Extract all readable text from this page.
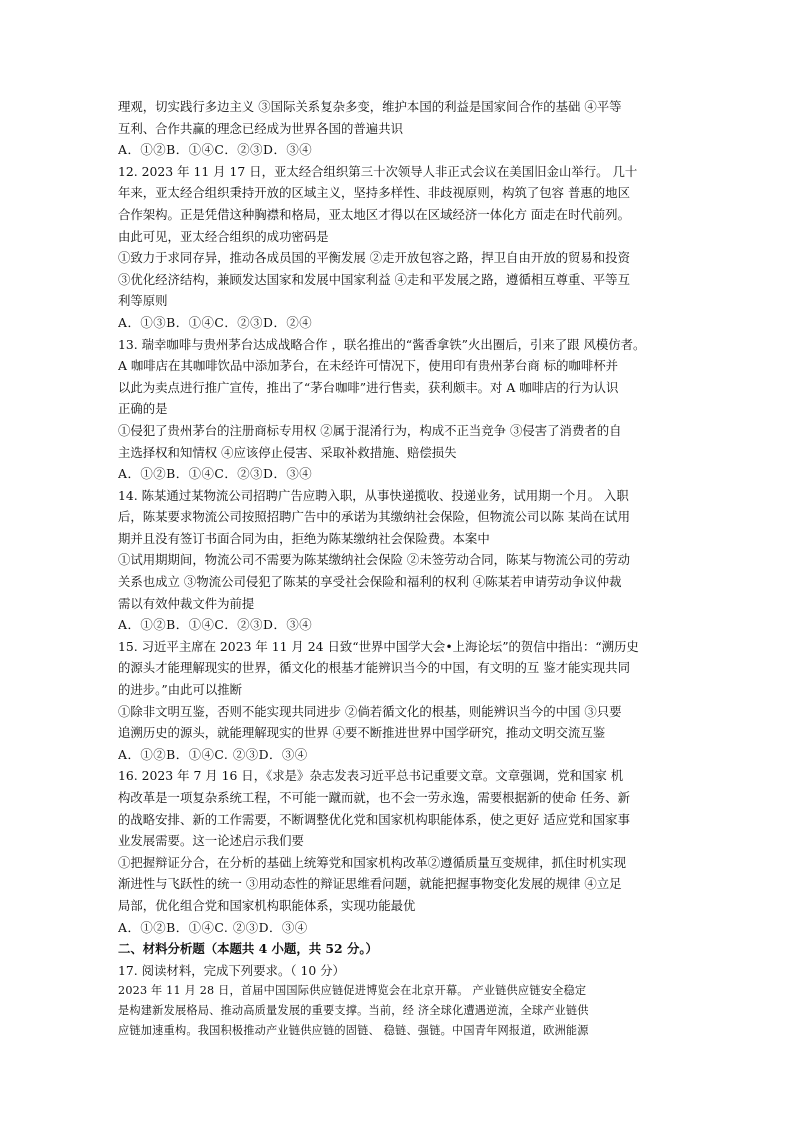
理观，切实践行多边主义 ③国际关系复杂多变，维护本国的利益是国家间合作的基础 ④平等
互利、合作共赢的理念已经成为世界各国的普遍共识
A．①②B．①④C．②③D．③④
12. 2023 年 11 月 17 日，亚太经合组织第三十次领导人非正式会议在美国旧金山举行。 几十
年来，亚太经合组织秉持开放的区域主义，坚持多样性、非歧视原则，构筑了包容 普惠的地区
合作架构。正是凭借这种胸襟和格局，亚太地区才得以在区域经济一体化方 面走在时代前列。
由此可见，亚太经合组织的成功密码是
①致力于求同存异，推动各成员国的平衡发展 ②走开放包容之路，捍卫自由开放的贸易和投资
③优化经济结构，兼顾发达国家和发展中国家利益 ④走和平发展之路，遵循相互尊重、平等互
利等原则
A．①③B．①④C．②③D．②④
13. 瑞幸咖啡与贵州茅台达成战略合作 ，联名推出的“酱香拿铁”火出圈后，引来了跟 风模仿者。
A 咖啡店在其咖啡饮品中添加茅台，在未经许可情况下，使用印有贵州茅台商 标的咖啡杯并
以此为卖点进行推广宣传，推出了“茅台咖啡”进行售卖，获利颇丰。对 A 咖啡店的行为认识
正确的是
①侵犯了贵州茅台的注册商标专用权 ②属于混淆行为，构成不正当竞争 ③侵害了消费者的自
主选择权和知情权 ④应该停止侵害、采取补救措施、赔偿损失
A．①②B．①④C．②③D．③④
14. 陈某通过某物流公司招聘广告应聘入职，从事快递揽收、投递业务，试用期一个月。 入职
后，陈某要求物流公司按照招聘广告中的承诺为其缴纳社会保险，但物流公司以陈 某尚在试用
期并且没有签订书面合同为由，拒绝为陈某缴纳社会保险费。本案中
①试用期期间，物流公司不需要为陈某缴纳社会保险 ②未签劳动合同，陈某与物流公司的劳动
关系也成立 ③物流公司侵犯了陈某的享受社会保险和福利的权利 ④陈某若申请劳动争议仲裁
需以有效仲裁文件为前提
A．①②B．①④C．②③D．③④
15. 习近平主席在 2023 年 11 月 24 日致“世界中国学大会•上海论坛”的贺信中指出：“溯历史
的源头才能理解现实的世界，循文化的根基才能辨识当今的中国，有文明的互 鉴才能实现共同
的进步。”由此可以推断
①除非文明互鉴，否则不能实现共同进步 ②倘若循文化的根基，则能辨识当今的中国 ③只要
追溯历史的源头，就能理解现实的世界 ④要不断推进世界中国学研究，推动文明交流互鉴
A．①②B．①④C. ②③D．③④
16. 2023 年 7 月 16 日，《求是》杂志发表习近平总书记重要文章。文章强调，党和国家 机
构改革是一项复杂系统工程，不可能一蹴而就，也不会一劳永逸，需要根据新的使命 任务、新
的战略安排、新的工作需要，不断调整优化党和国家机构职能体系，使之更好 适应党和国家事
业发展需要。这一论述启示我们要
①把握辩证分合，在分析的基础上统筹党和国家机构改革②遵循质量互变规律，抓住时机实现
渐进性与飞跃性的统一 ③用动态性的辩证思维看问题，就能把握事物变化发展的规律 ④立足
局部，优化组合党和国家机构职能体系，实现功能最优
A．①②B．①④C. ②③D．③④
二、材料分析题（本题共 4 小题，共 52 分。）
17. 阅读材料，完成下列要求。（ 10 分）
2023 年 11 月 28 日，首届中国国际供应链促进博览会在北京开幕。 产业链供应链安全稳定
是构建新发展格局、推动高质量发展的重要支撑。当前，经 济全球化遭遇逆流，全球产业链供
应链加速重构。我国积极推动产业链供应链的固链、 稳链、强链。中国青年网报道，欧洲能源
